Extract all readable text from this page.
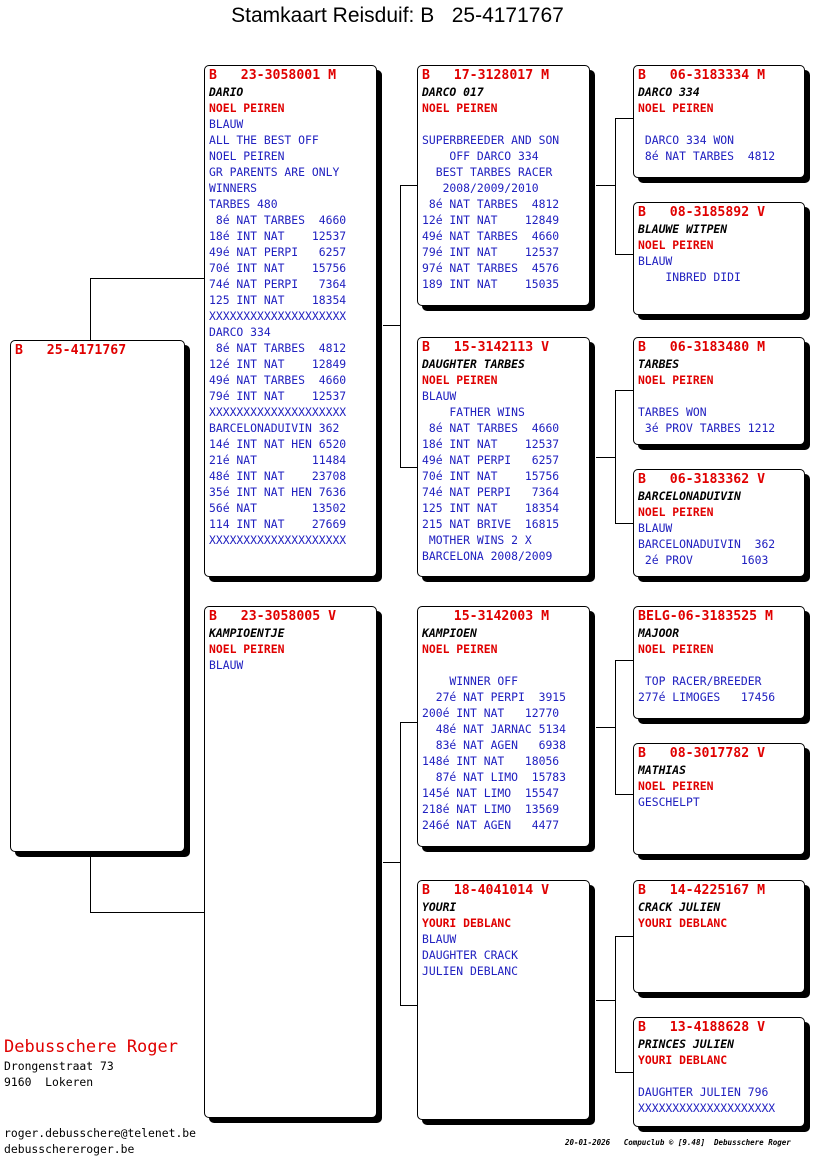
Stamkaart Reisduif: B   25-4171767
B   25-4171767
B   23-3058001 M
DARIO
NOEL PEIREN
BLAUW
ALL THE BEST OFF
NOEL PEIREN
GR PARENTS ARE ONLY
WINNERS
TARBES 480
8é NAT TARBES  4660
18é INT NAT    12537
49é NAT PERPI   6257
70é INT NAT    15756
74é NAT PERPI   7364
125 INT NAT    18354
XXXXXXXXXXXXXXXXXXXX
DARCO 334
8é NAT TARBES  4812
12é INT NAT    12849
49é NAT TARBES  4660
79é INT NAT    12537
XXXXXXXXXXXXXXXXXXXX
BARCELONADUIVIN 362
14é INT NAT HEN 6520
21é NAT        11484
48é INT NAT    23708
35é INT NAT HEN 7636
56é NAT        13502
114 INT NAT    27669
XXXXXXXXXXXXXXXXXXXX
B   23-3058005 V
KAMPIOENTJE
NOEL PEIREN
BLAUW
B   17-3128017 M
DARCO 017
NOEL PEIREN
SUPERBREEDER AND SON
OFF DARCO 334
BEST TARBES RACER
2008/2009/2010
8é NAT TARBES  4812
12é INT NAT    12849
49é NAT TARBES  4660
79é INT NAT    12537
97é NAT TARBES  4576
189 INT NAT    15035
B   15-3142113 V
DAUGHTER TARBES
NOEL PEIREN
BLAUW
FATHER WINS
8é NAT TARBES  4660
18é INT NAT    12537
49é NAT PERPI   6257
70é INT NAT    15756
74é NAT PERPI   7364
125 INT NAT    18354
215 NAT BRIVE  16815
MOTHER WINS 2 X
BARCELONA 2008/2009
15-3142003 M
KAMPIOEN
NOEL PEIREN
WINNER OFF
27é NAT PERPI  3915
200é INT NAT   12770
48é NAT JARNAC 5134
83é NAT AGEN   6938
148é INT NAT   18056
87é NAT LIMO  15783
145é NAT LIMO  15547
218é NAT LIMO  13569
246é NAT AGEN   4477
B   18-4041014 V
YOURI
YOURI DEBLANC
BLAUW
DAUGHTER CRACK
JULIEN DEBLANC
B   06-3183334 M
DARCO 334
NOEL PEIREN
DARCO 334 WON
8é NAT TARBES  4812
B   08-3185892 V
BLAUWE WITPEN
NOEL PEIREN
BLAUW
INBRED DIDI
B   06-3183480 M
TARBES
NOEL PEIREN
TARBES WON
3é PROV TARBES 1212
B   06-3183362 V
BARCELONADUIVIN
NOEL PEIREN
BLAUW
BARCELONADUIVIN  362
2é PROV       1603
BELG-06-3183525 M
MAJOOR
NOEL PEIREN
TOP RACER/BREEDER
277é LIMOGES   17456
B   08-3017782 V
MATHIAS
NOEL PEIREN
GESCHELPT
B   14-4225167 M
CRACK JULIEN
YOURI DEBLANC
B   13-4188628 V
PRINCES JULIEN
YOURI DEBLANC
DAUGHTER JULIEN 796
XXXXXXXXXXXXXXXXXXXX
Debusschere Roger
Drongenstraat 73
9160  Lokeren
roger.debusschere@telenet.be
debusschereroger.be	20-01-2026   Compuclub © [9.48]  Debusschere Roger
